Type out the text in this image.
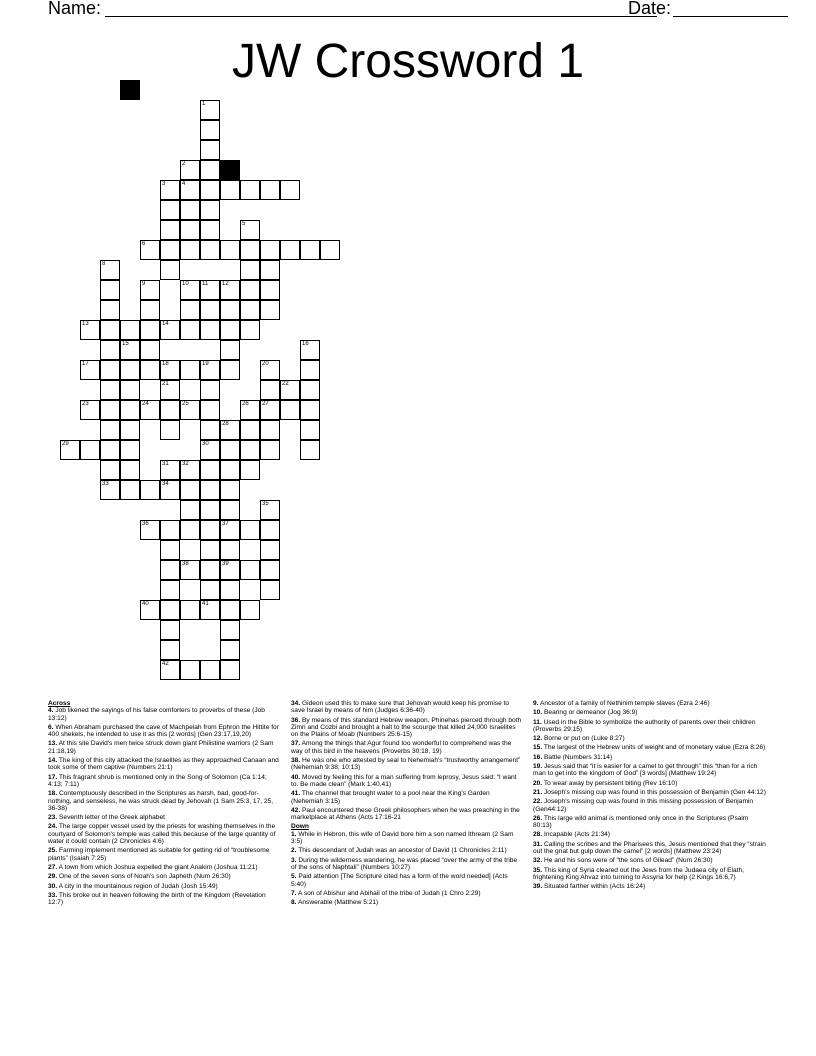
Name:	Date:
JW Crossword 1
1
2
3	4
5
6
8
9	10 11 12
13	14
15	16
17	18	19	20
21	22
23	24	25	26 27
28
29	30
31 32
33	34
35
36	37
38	39
40	41
42
Across

4. Job likened the sayings of his false comforters to proverbs of these (Job 13:12)

6. When Abraham purchased the cave of Machpelah from Ephron the Hittite for 400 shekels, he intended to use it as this [2 words] (Gen 23:17,19,20)

13. At this site David's men twice struck down giant Philistine warriors (2 Sam 21:18,19)

14. The king of this city attacked the Israelites as they approached Canaan and took some of them captive (Numbers 21:1)

17. This fragrant shrub is mentioned only in the Song of Solomon (Ca 1:14; 4:13; 7:11)

18. Contemptuously described in the Scriptures as harsh, bad, good-for-nothing, and senseless, he was struck dead by Jehovah (1 Sam 25:3, 17, 25, 36-38)

23. Seventh letter of the Greek alphabet

24. The large copper vessel used by the priests for washing themselves in the courtyard of Solomon's temple was called this because of the large quantity of water it could contain (2 Chronicles 4:6)

25. Farming implement mentioned as suitable for getting rid of “troublesome plants” (Isaiah 7:25)

27. A town from which Joshua expelled the giant Anakim (Joshua 11:21)

29. One of the seven sons of Noah's son Japheth (Num 26:30)

30. A city in the mountainous region of Judah (Josh 15:49)

33. This broke out in heaven following the birth of the Kingdom (Revelation 12:7)

34. Gideon used this to make sure that Jehovah would keep his promise to save Israel by means of him (Judges 6:36-40)

36. By means of this standard Hebrew weapon, Phinehas pierced through both Zimri and Cozbi and brought a halt to the scourge that killed 24,000 Israelites on the Plains of Moab (Numbers 25:6-15)

37. Among the things that Agur found too wonderful to comprehend was the way of this bird in the heavens (Proverbs 30:18, 19)

38. He was one who attested by seal to Nehemiah's “trustworthy arrangement” (Nehemiah 9:38; 10:13)

40. Moved by feeling this for a man suffering from leprosy, Jesus said: “I want to. Be made clean” (Mark 1:40,41)

41. The channel that brought water to a pool near the King's Garden (Nehemiah 3:15)

42. Paul encountered these Greek philosophers when he was preaching in the marketplace at Athens (Acts 17:16-21

Down

1. While in Hebron, this wife of David bore him a son named Ithream (2 Sam 3:5)

2. This descendant of Judah was an ancestor of David (1 Chronicles 2:11)

3. During the wilderness wandering, he was placed “over the army of the tribe of the sons of Naphtali” (Numbers 10:27)

5. Paid attention [The Scripture cited has a form of the word needed] (Acts 5:40)

7. A son of Abishur and Abihail of the tribe of Judah (1 Chro 2:29)

8. Answerable (Matthew 5:21)

9. Ancestor of a family of Nethinim temple slaves (Ezra 2:46)

10. Bearing or demeanor (Jog 36:9)

11. Used in the Bible to symbolize the authority of parents over their children (Proverbs 29:15)

12. Borne or put on (Luke 8:27)

15. The largest of the Hebrew units of weight and of monetary value (Ezra 8:26)

16. Battle (Numbers 31:14)

19. Jesus said that “it is easier for a camel to get through” this “than for a rich man to get into the kingdom of God” [3 words] (Matthew 19:24)

20. To wear away by persistent biting (Rev 16:10)

21. Joseph's missing cup was found in this possession of Benjamin (Gen 44:12)

22. Joseph's missing cup was found in this missing possession of Benjamin (Gen44:12)

26. This large wild animal is mentioned only once in the Scriptures (Psalm 80:13)

28. Incapable (Acts 21:34)

31. Calling the scribes and the Pharisees this, Jesus mentioned that they “strain out the gnat but gulp down the camel” [2 words] (Matthew 23:24)

32. He and his sons were of “the sons of Gilead” (Num 26:30)

35. This king of Syria cleared out the Jews from the Judaea city of Elath, frightening King Ahvaz into turning to Assyria for help (2 Kings 16:6,7)

39. Situated farther within (Acts 16:24)
